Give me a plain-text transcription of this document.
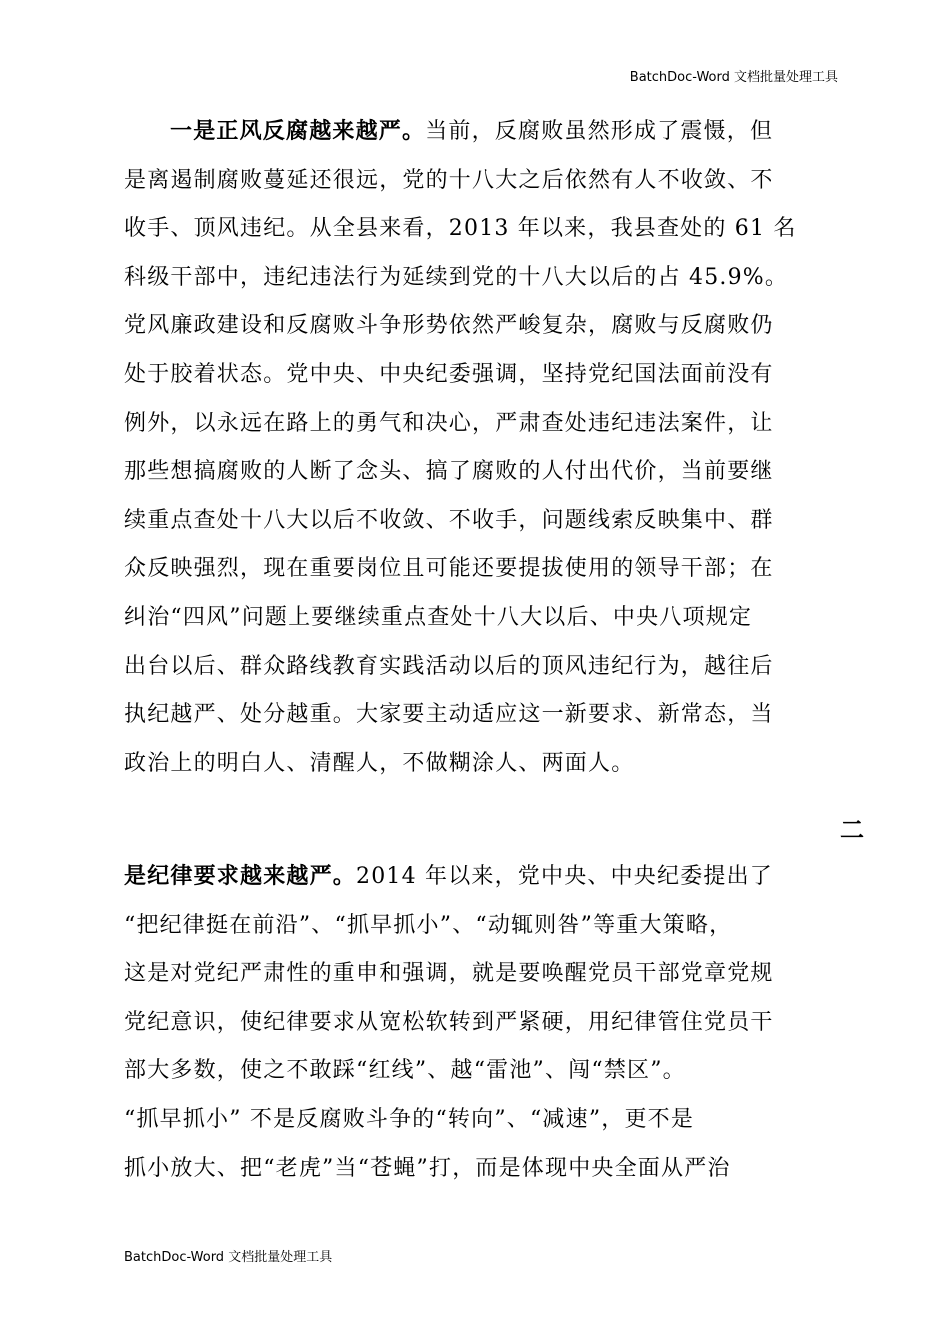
BatchDoc-Word 文档批量处理工具
一是正风反腐越来越严。当前，反腐败虽然形成了震慑，但
是离遏制腐败蔓延还很远，党的十八大之后依然有人不收敛、不
收手、顶风违纪。从全县来看，2013 年以来，我县查处的 61 名
科级干部中，违纪违法行为延续到党的十八大以后的占 45.9%。
党风廉政建设和反腐败斗争形势依然严峻复杂，腐败与反腐败仍
处于胶着状态。党中央、中央纪委强调，坚持党纪国法面前没有
例外，以永远在路上的勇气和决心，严肃查处违纪违法案件，让
那些想搞腐败的人断了念头、搞了腐败的人付出代价，当前要继
续重点查处十八大以后不收敛、不收手，问题线索反映集中、群
众反映强烈，现在重要岗位且可能还要提拔使用的领导干部；在
纠治“四风”问题上要继续重点查处十八大以后、中央八项规定
出台以后、群众路线教育实践活动以后的顶风违纪行为，越往后
执纪越严、处分越重。大家要主动适应这一新要求、新常态，当
政治上的明白人、清醒人，不做糊涂人、两面人。
二
是纪律要求越来越严。2014 年以来，党中央、中央纪委提出了
“把纪律挺在前沿”、“抓早抓小”、“动辄则咎”等重大策略，
这是对党纪严肃性的重申和强调，就是要唤醒党员干部党章党规
党纪意识，使纪律要求从宽松软转到严紧硬，用纪律管住党员干
部大多数，使之不敢踩“红线”、越“雷池”、闯“禁区”。
“抓早抓小” 不是反腐败斗争的“转向”、“减速”，更不是
抓小放大、把“老虎”当“苍蝇”打，而是体现中央全面从严治
BatchDoc-Word 文档批量处理工具
